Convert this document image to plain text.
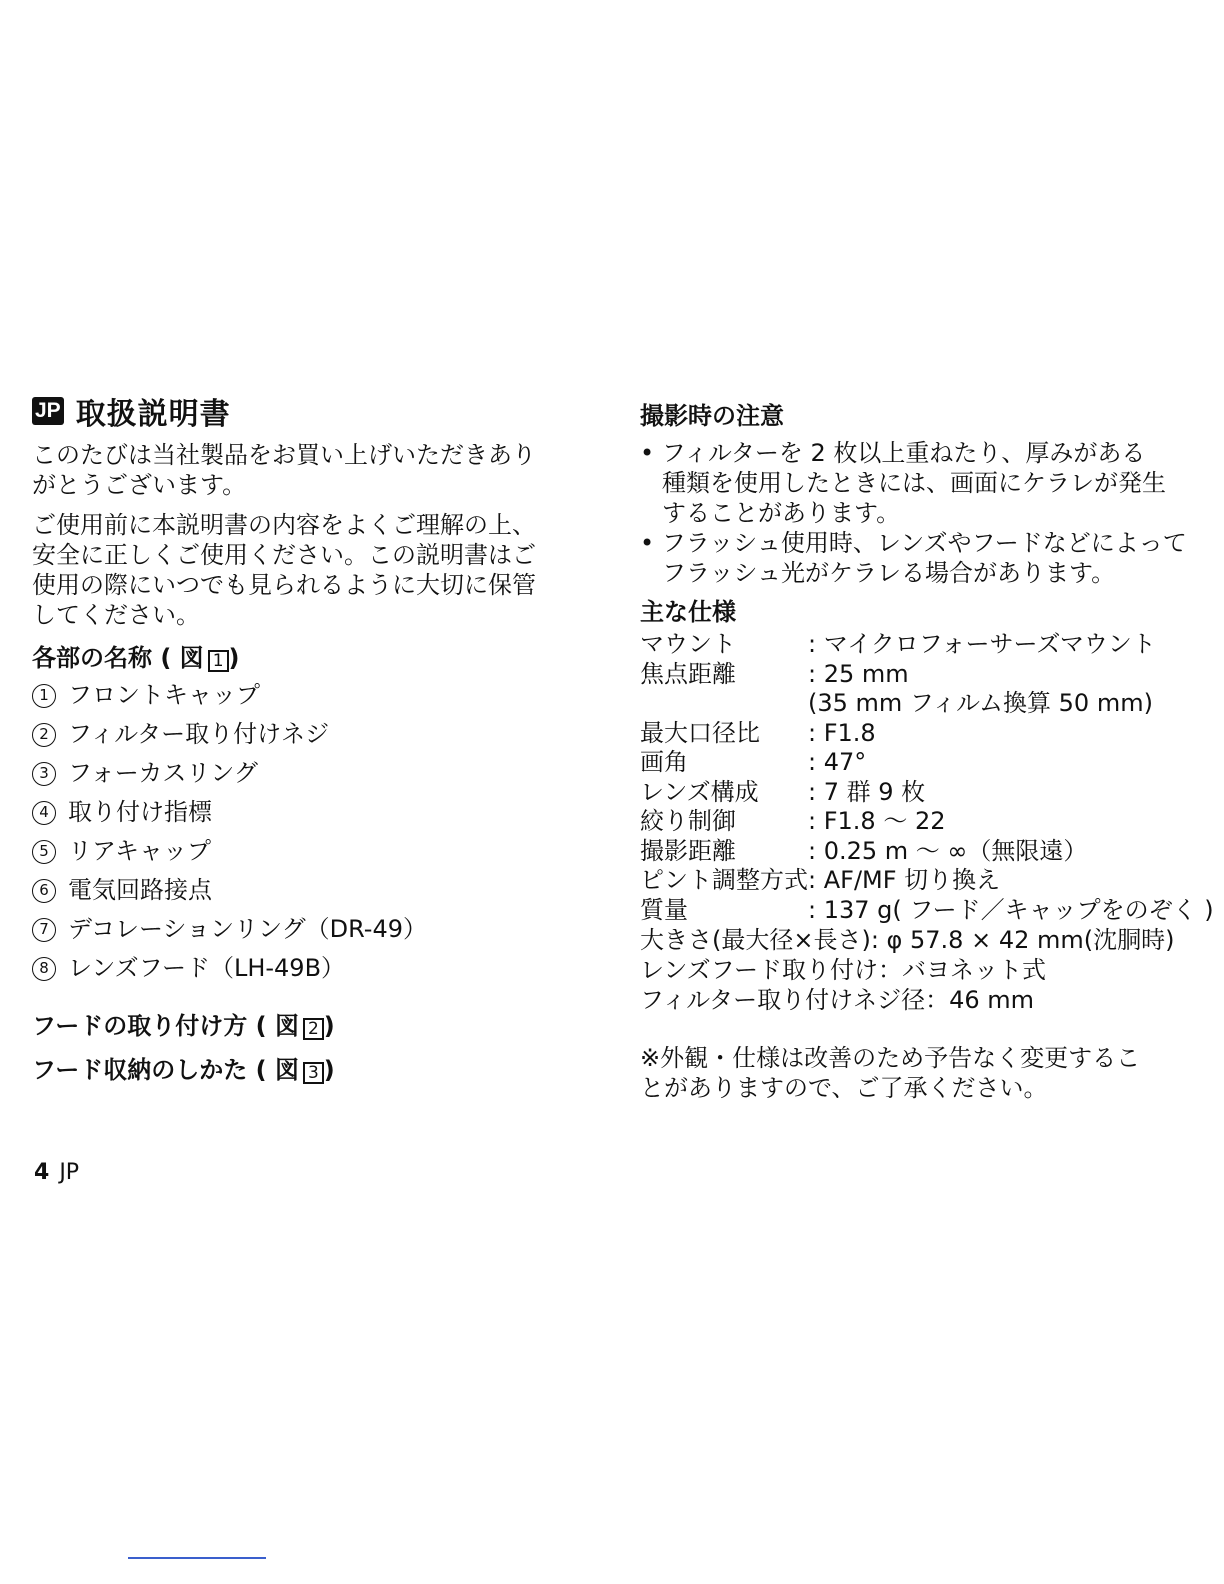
JP 取扱説明書

このたびは当社製品をお買い上げいただきあり

がとうございます。

ご使用前に本説明書の内容をよくご理解の上、

安全に正しくご使用ください。この説明書はご

使用の際にいつでも見られるように大切に保管

してください。

各部の名称 ( 図 1 )
1 フロントキャップ
2 フィルター取り付けネジ
3 フォーカスリング
4 取り付け指標
5 リアキャップ
6 電気回路接点
7 デコレーションリング（DR-49）
8 レンズフード（LH-49B）
フードの取り付け方 ( 図 2 )
フード収納のしかた ( 図 3 )
撮影時の注意
• フィルターを 2 枚以上重ねたり、厚みがある
種類を使用したときには、画面にケラレが発生
することがあります。
• フラッシュ使用時、レンズやフードなどによって
フラッシュ光がケラレる場合があります。
主な仕様
マウント	: マイクロフォーサーズマウント
焦点距離	: 25 mm
	(35 mm フィルム換算 50 mm)
最大口径比	: F1.8
画角	: 47°
レンズ構成	: 7 群 9 枚
絞り制御	: F1.8 ～ 22
撮影距離	: 0.25 m ～ ∞（無限遠）
ピント調整方式	: AF/MF 切り換え
質量	: 137 g( フード／キャップをのぞく )
大きさ(最大径×長さ): φ 57.8 × 42 mm(沈胴時)
レンズフード取り付け：バヨネット式
フィルター取り付けネジ径：46 mm

※外観・仕様は改善のため予告なく変更するこ

とがありますので、ご了承ください。

4 JP
